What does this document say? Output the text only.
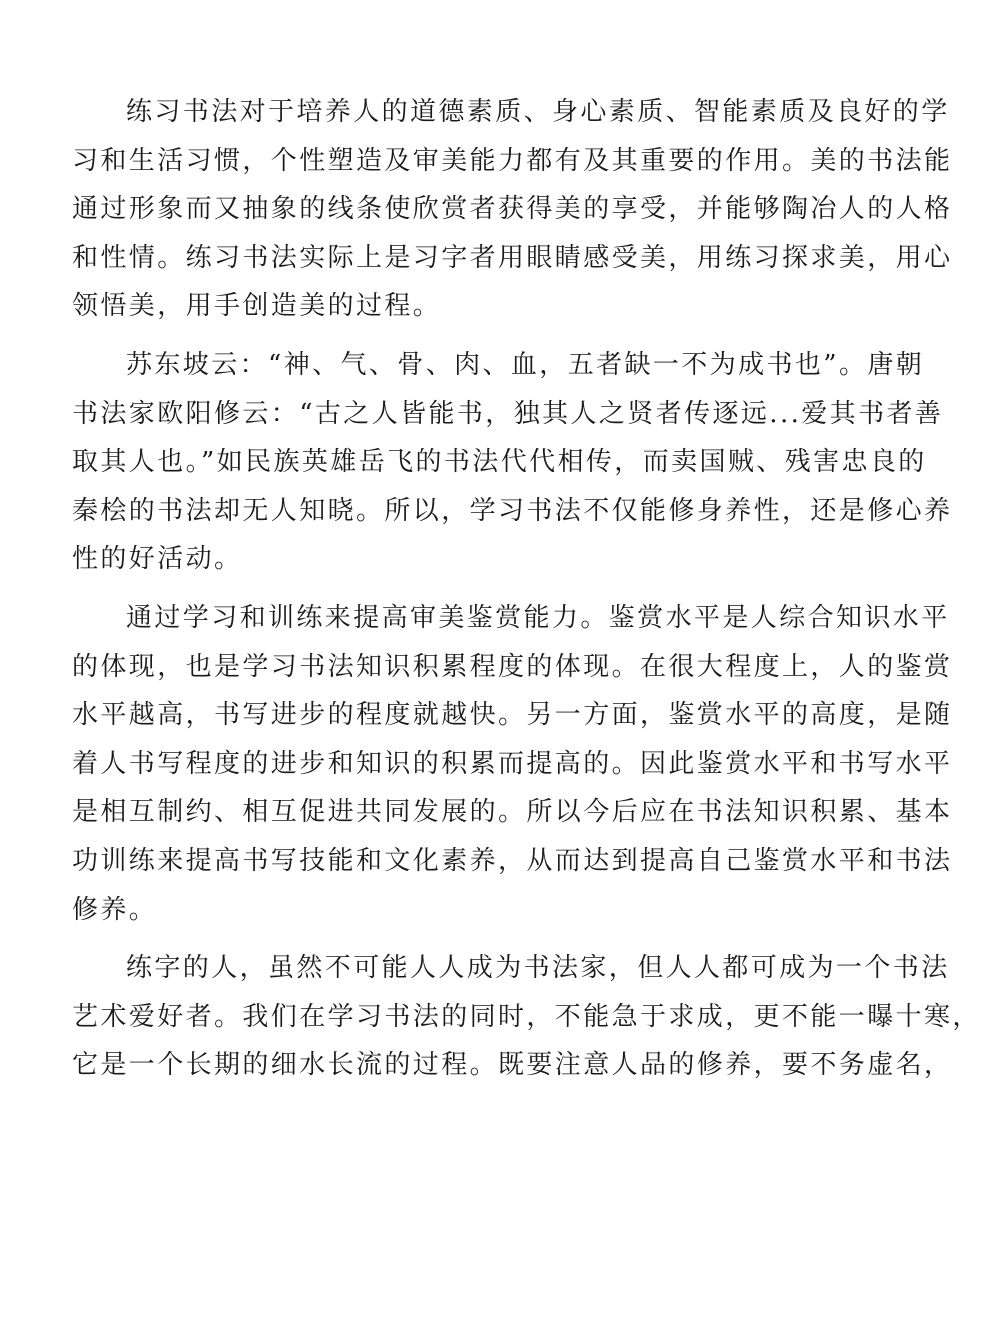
练习书法对于培养人的道德素质、身心素质、智能素质及良好的学
习和生活习惯，个性塑造及审美能力都有及其重要的作用。美的书法能
通过形象而又抽象的线条使欣赏者获得美的享受，并能够陶冶人的人格
和性情。练习书法实际上是习字者用眼睛感受美，用练习探求美，用心
领悟美，用手创造美的过程。
苏东坡云：“神、气、骨、肉、血，五者缺一不为成书也”。唐朝
书法家欧阳修云：“古之人皆能书，独其人之贤者传逐远...爱其书者善
取其人也。”如民族英雄岳飞的书法代代相传，而卖国贼、残害忠良的
秦桧的书法却无人知晓。所以，学习书法不仅能修身养性，还是修心养
性的好活动。
通过学习和训练来提高审美鉴赏能力。鉴赏水平是人综合知识水平
的体现，也是学习书法知识积累程度的体现。在很大程度上，人的鉴赏
水平越高，书写进步的程度就越快。另一方面，鉴赏水平的高度，是随
着人书写程度的进步和知识的积累而提高的。因此鉴赏水平和书写水平
是相互制约、相互促进共同发展的。所以今后应在书法知识积累、基本
功训练来提高书写技能和文化素养，从而达到提高自己鉴赏水平和书法
修养。
练字的人，虽然不可能人人成为书法家，但人人都可成为一个书法
艺术爱好者。我们在学习书法的同时，不能急于求成，更不能一曝十寒，
它是一个长期的细水长流的过程。既要注意人品的修养，要不务虚名，
